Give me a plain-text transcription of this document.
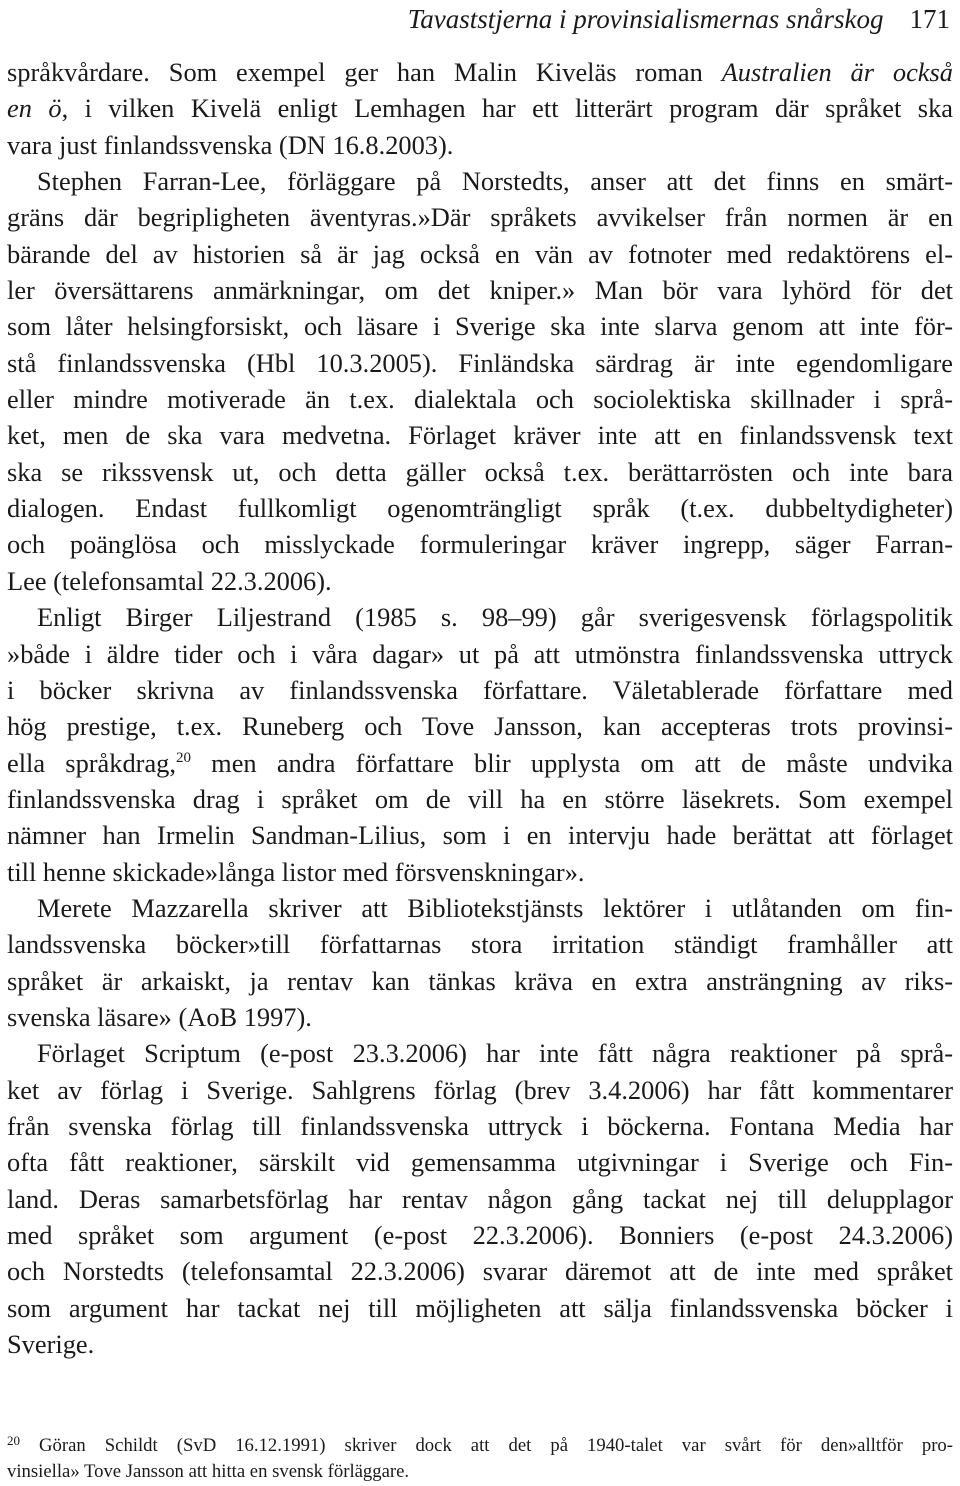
Tavaststjerna i provinsialismernas snårskog 171
språkvårdare. Som exempel ger han Malin Kiveläs roman Australien är också
en ö, i vilken Kivelä enligt Lemhagen har ett litterärt program där språket ska
vara just finlandssvenska (DN 16.8.2003).
Stephen Farran-Lee, förläggare på Norstedts, anser att det finns en smärt-
gräns där begripligheten äventyras.»Där språkets avvikelser från normen är en
bärande del av historien så är jag också en vän av fotnoter med redaktörens el-
ler översättarens anmärkningar, om det kniper.» Man bör vara lyhörd för det
som låter helsingforsiskt, och läsare i Sverige ska inte slarva genom att inte för-
stå finlandssvenska (Hbl 10.3.2005). Finländska särdrag är inte egendomligare
eller mindre motiverade än t.ex. dialektala och sociolektiska skillnader i språ-
ket, men de ska vara medvetna. Förlaget kräver inte att en finlandssvensk text
ska se rikssvensk ut, och detta gäller också t.ex. berättarrösten och inte bara
dialogen. Endast fullkomligt ogenomträngligt språk (t.ex. dubbeltydigheter)
och poänglösa och misslyckade formuleringar kräver ingrepp, säger Farran-
Lee (telefonsamtal 22.3.2006).
Enligt Birger Liljestrand (1985 s. 98–99) går sverigesvensk förlagspolitik
»både i äldre tider och i våra dagar» ut på att utmönstra finlandssvenska uttryck
i böcker skrivna av finlandssvenska författare. Väletablerade författare med
hög prestige, t.ex. Runeberg och Tove Jansson, kan accepteras trots provinsi-
ella språkdrag,$^{20}$ men andra författare blir upplysta om att de måste undvika
finlandssvenska drag i språket om de vill ha en större läsekrets. Som exempel
nämner han Irmelin Sandman-Lilius, som i en intervju hade berättat att förlaget
till henne skickade»långa listor med försvenskningar».
Merete Mazzarella skriver att Bibliotekstjänsts lektörer i utlåtanden om fin-
landssvenska böcker»till författarnas stora irritation ständigt framhåller att
språket är arkaiskt, ja rentav kan tänkas kräva en extra ansträngning av riks-
svenska läsare» (AoB 1997).
Förlaget Scriptum (e-post 23.3.2006) har inte fått några reaktioner på språ-
ket av förlag i Sverige. Sahlgrens förlag (brev 3.4.2006) har fått kommentarer
från svenska förlag till finlandssvenska uttryck i böckerna. Fontana Media har
ofta fått reaktioner, särskilt vid gemensamma utgivningar i Sverige och Fin-
land. Deras samarbetsförlag har rentav någon gång tackat nej till delupplagor
med språket som argument (e-post 22.3.2006). Bonniers (e-post 24.3.2006)
och Norstedts (telefonsamtal 22.3.2006) svarar däremot att de inte med språket
som argument har tackat nej till möjligheten att sälja finlandssvenska böcker i
Sverige.
$^{20}$ Göran Schildt (SvD 16.12.1991) skriver dock att det på 1940-talet var svårt för den»alltför pro-
vinsiella» Tove Jansson att hitta en svensk förläggare.
